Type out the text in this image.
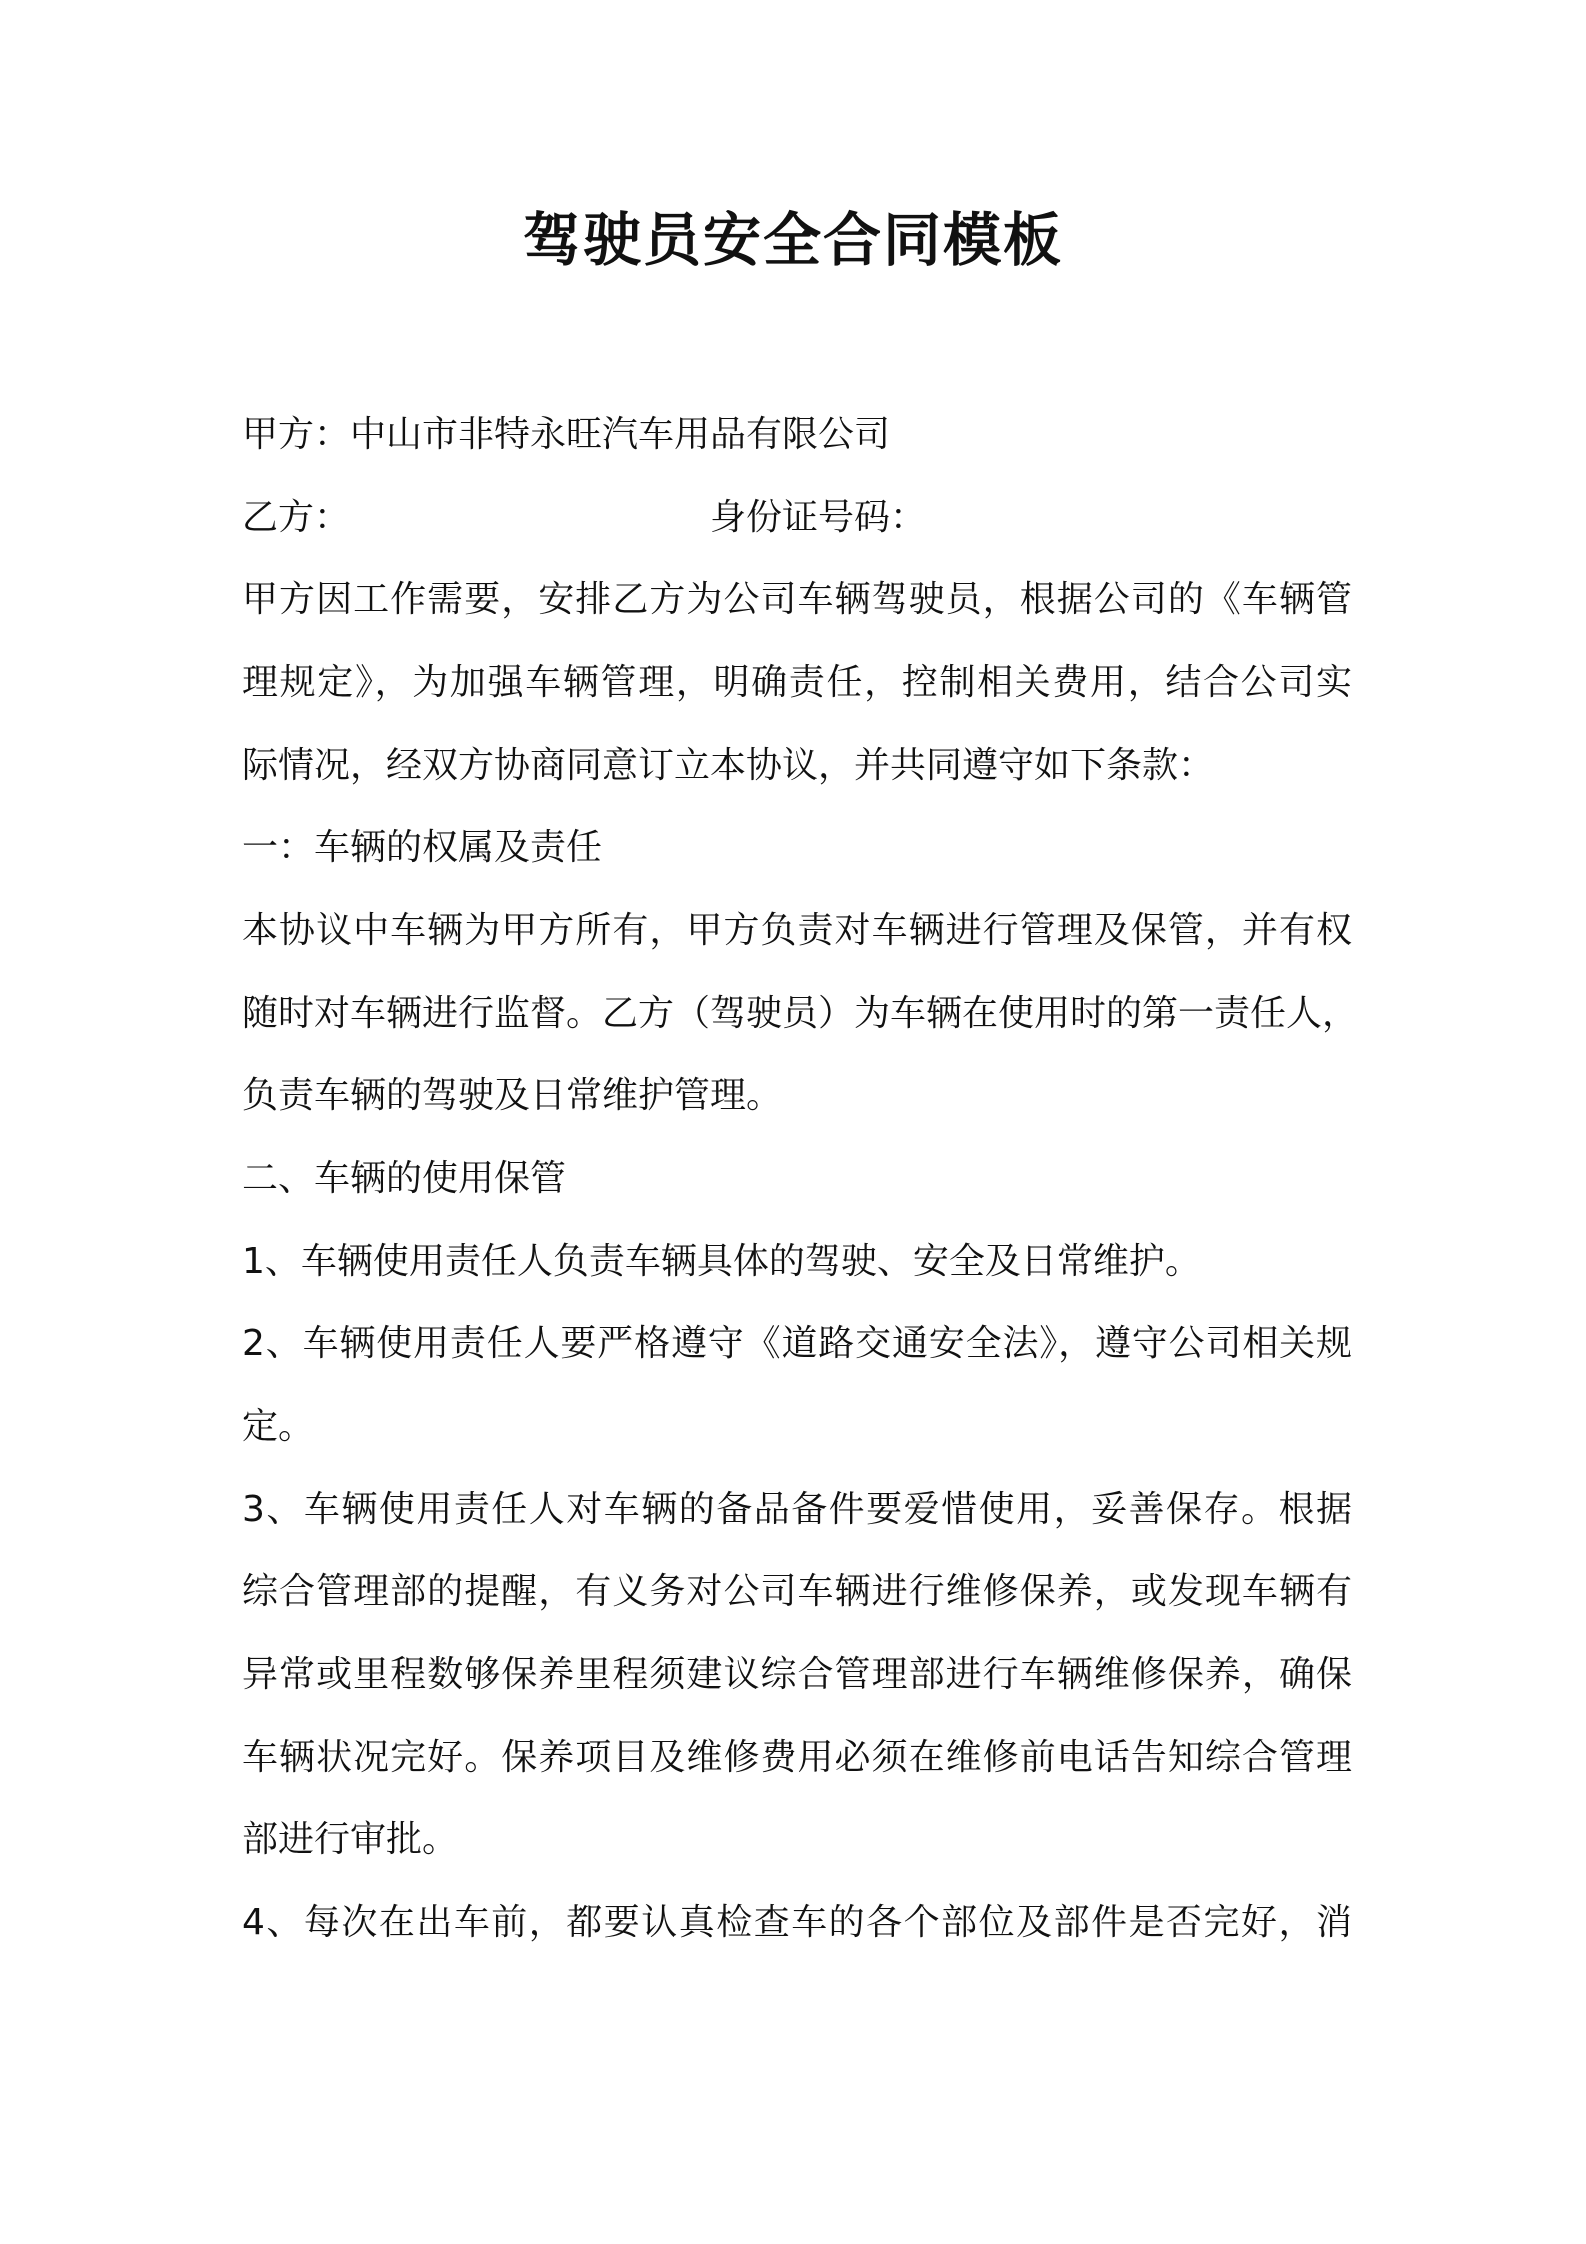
驾驶员安全合同模板
甲方：中山市非特永旺汽车用品有限公司
乙方：	身份证号码：
甲方因工作需要，安排乙方为公司车辆驾驶员，根据公司的《车辆管
理规定》，为加强车辆管理，明确责任，控制相关费用，结合公司实
际情况，经双方协商同意订立本协议，并共同遵守如下条款：
一：车辆的权属及责任
本协议中车辆为甲方所有，甲方负责对车辆进行管理及保管，并有权
随时对车辆进行监督。乙方（驾驶员）为车辆在使用时的第一责任人，
负责车辆的驾驶及日常维护管理。
二、车辆的使用保管
1、车辆使用责任人负责车辆具体的驾驶、安全及日常维护。
2、车辆使用责任人要严格遵守《道路交通安全法》，遵守公司相关规
定。
3、车辆使用责任人对车辆的备品备件要爱惜使用，妥善保存。根据
综合管理部的提醒，有义务对公司车辆进行维修保养，或发现车辆有
异常或里程数够保养里程须建议综合管理部进行车辆维修保养，确保
车辆状况完好。保养项目及维修费用必须在维修前电话告知综合管理
部进行审批。
4、每次在出车前，都要认真检查车的各个部位及部件是否完好，消
